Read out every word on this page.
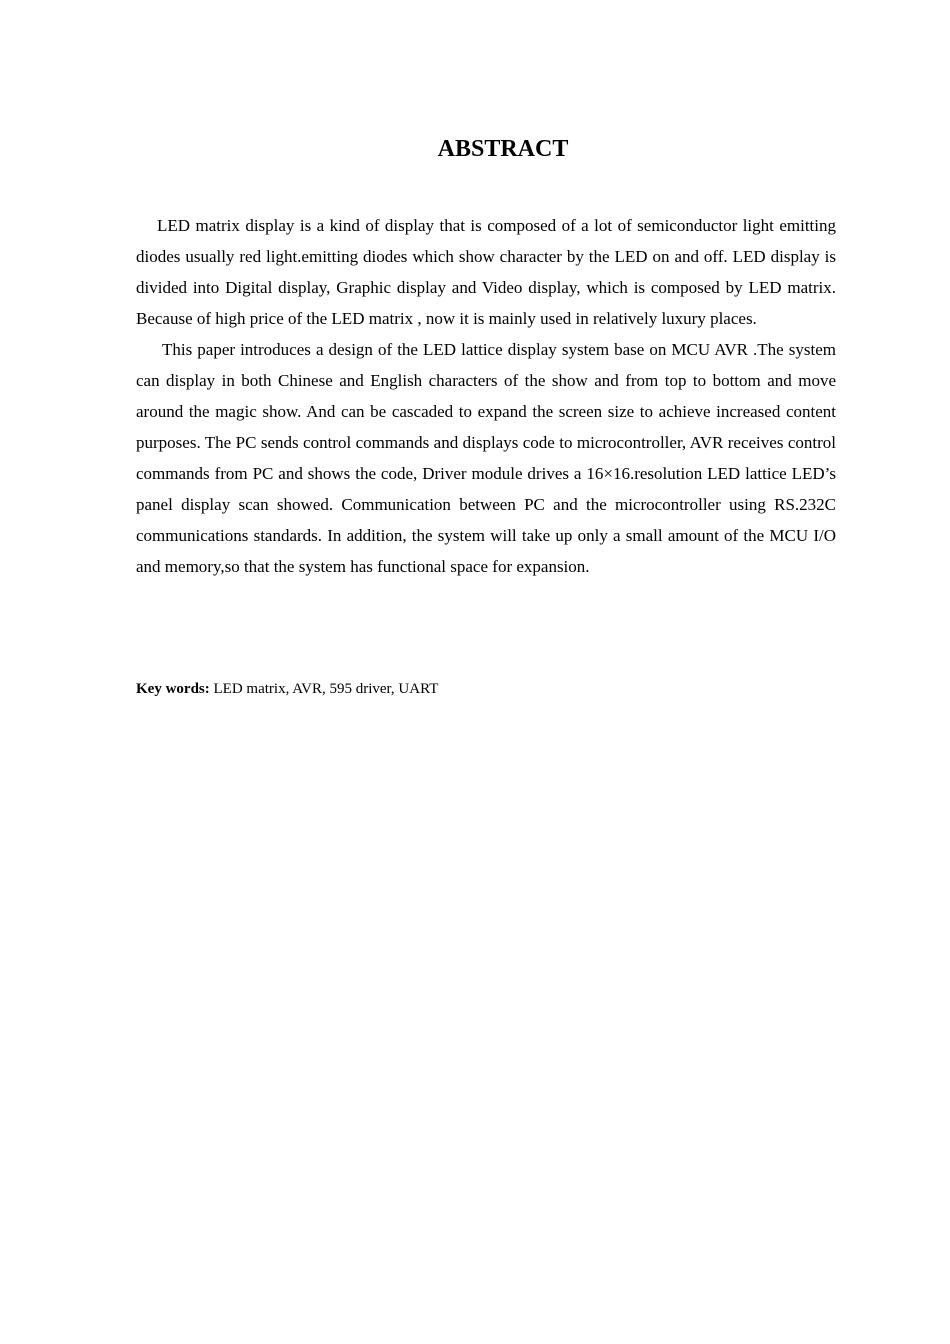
ABSTRACT

LED matrix display is a kind of display that is composed of a lot of semiconductor light emitting diodes usually red light.emitting diodes which show character by the LED on and off. LED display is divided into Digital display, Graphic display and Video display, which is composed by LED matrix. Because of high price of the LED matrix , now it is mainly used in relatively luxury places.

This paper introduces a design of the LED lattice display system base on MCU AVR .The system can display in both Chinese and English characters of the show and from top to bottom and move around the magic show. And can be cascaded to expand the screen size to achieve increased content purposes. The PC sends control commands and displays code to microcontroller, AVR receives control commands from PC and shows the code, Driver module drives a 16×16.resolution LED lattice LED’s panel display scan showed. Communication between PC and the microcontroller using RS.232C communications standards. In addition, the system will take up only a small amount of the MCU I/O and memory,so that the system has functional space for expansion.

Key words: LED matrix, AVR, 595 driver, UART
